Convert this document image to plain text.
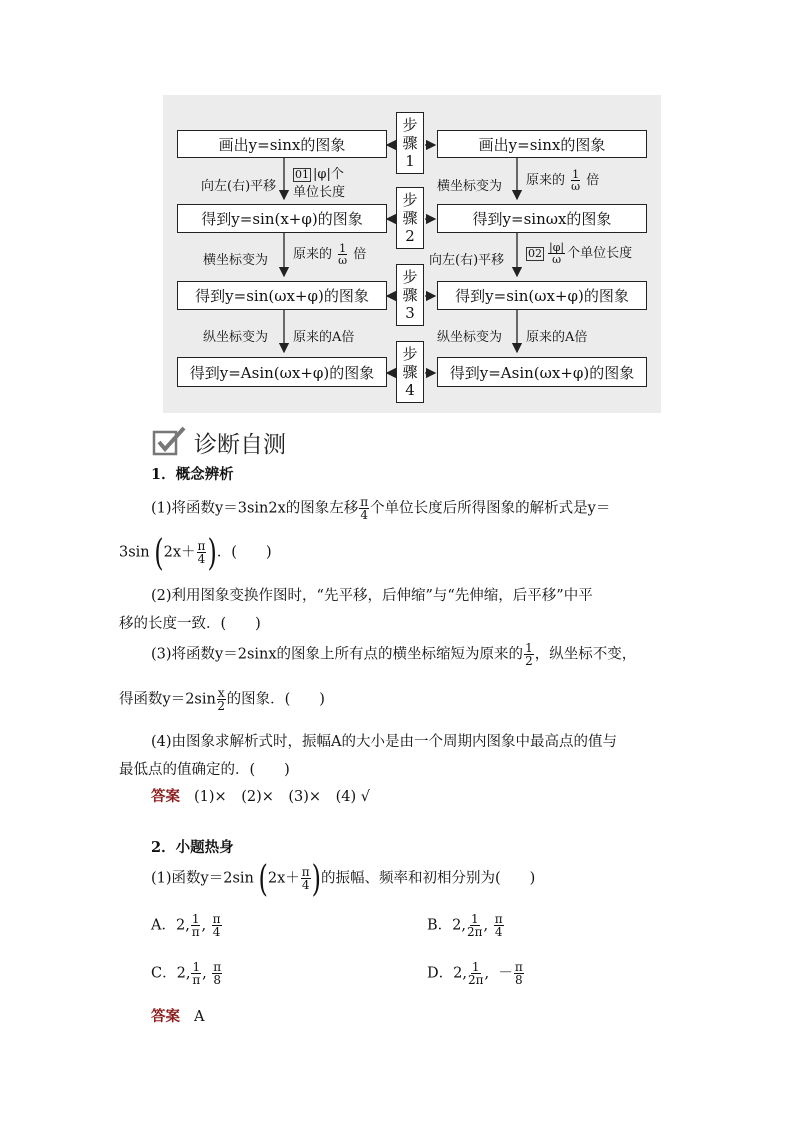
画出y=sinx的图象
得到y=sin(x+φ)的图象
得到y=sin(ωx+φ)的图象
得到y=Asin(ωx+φ)的图象
画出y=sinx的图象
得到y=sinωx的图象
得到y=sin(ωx+φ)的图象
得到y=Asin(ωx+φ)的图象
步
骤
1
步
骤
2
步
骤
3
步
骤
4
向左(右)平移
01 |φ|个
单位长度
横坐标变为 原来的 $\frac{1}{\omega}$ 倍
纵坐标变为 原来的A倍
横坐标变为 原来的 $\frac{1}{\omega}$ 倍
向左(右)平移 $02 \frac{|\varphi|}{\omega}$ 个单位长度
纵坐标变为 原来的A倍
诊断自测
1．概念辨析
(1)将函数y＝3sin2x的图象左移 $\frac{\pi}{4}$ 个单位长度后所得图象的解析式是y＝
3sin ($2x+ \frac{\pi}{4}$ )．(　　)
(2)利用图象变换作图时，“先平移，后伸缩”与“先伸缩，后平移”中平
移的长度一致．(　　)
(3)将函数y＝2sinx的图象上所有点的横坐标缩短为原来的 $\frac{1}{2}$ ，纵坐标不变，
得函数$y=2\sin \frac{x}{2}$ 的图象．(　　)
(4)由图象求解析式时，振幅A的大小是由一个周期内图象中最高点的值与
最低点的值确定的．(　　)
答案 (1)×　(2)×　(3)×　(4) √
2．小题热身
(1)函数y＝2sin ($2x+ \frac{\pi}{4}$ )的振幅、频率和初相分别为(　　)
A．2, $\frac{1}{\pi}$ , $\frac{\pi}{4}$	B．2, $\frac{1}{2\pi}$ , $\frac{\pi}{4}$
C．2, $\frac{1}{\pi}$ , $\frac{\pi}{8}$	D．2, $\frac{1}{2\pi}$ , － $\frac{\pi}{8}$
答案 A
